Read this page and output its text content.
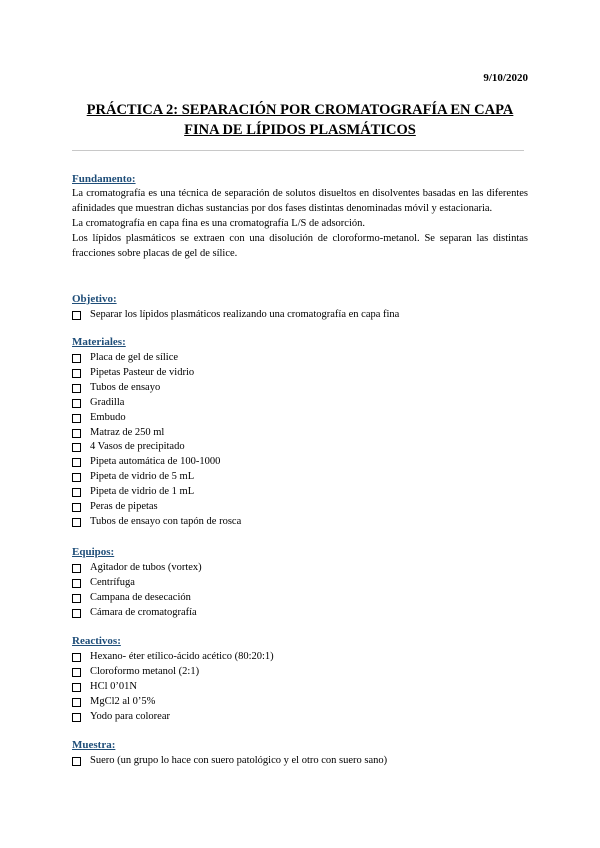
9/10/2020
PRÁCTICA 2: SEPARACIÓN POR CROMATOGRAFÍA EN CAPA FINA DE LÍPIDOS PLASMÁTICOS
Fundamento:

La cromatografía es una técnica de separación de solutos disueltos en disolventes basadas en las diferentes afinidades que muestran dichas sustancias por dos fases distintas denominadas móvil y estacionaria.

La cromatografía en capa fina es una cromatografía L/S de adsorción.

Los lípidos plasmáticos se extraen con una disolución de cloroformo-metanol. Se separan las distintas fracciones sobre placas de gel de sílice.

Objetivo:
Separar los lípidos plasmáticos realizando una cromatografía en capa fina
Materiales:
Placa de gel de sílice
Pipetas Pasteur de vidrio
Tubos de ensayo
Gradilla
Embudo
Matraz de 250 ml
4 Vasos de precipitado
Pipeta automática de 100-1000
Pipeta de vidrio de 5 mL
Pipeta de vidrio de 1 mL
Peras de pipetas
Tubos de ensayo con tapón de rosca
Equipos:
Agitador de tubos (vortex)
Centrífuga
Campana de desecación
Cámara de cromatografía
Reactivos:
Hexano- éter etílico-ácido acético (80:20:1)
Cloroformo metanol (2:1)
HCl 0’01N
MgCl2 al 0’5%
Yodo para colorear
Muestra:
Suero (un grupo lo hace con suero patológico y el otro con suero sano)
